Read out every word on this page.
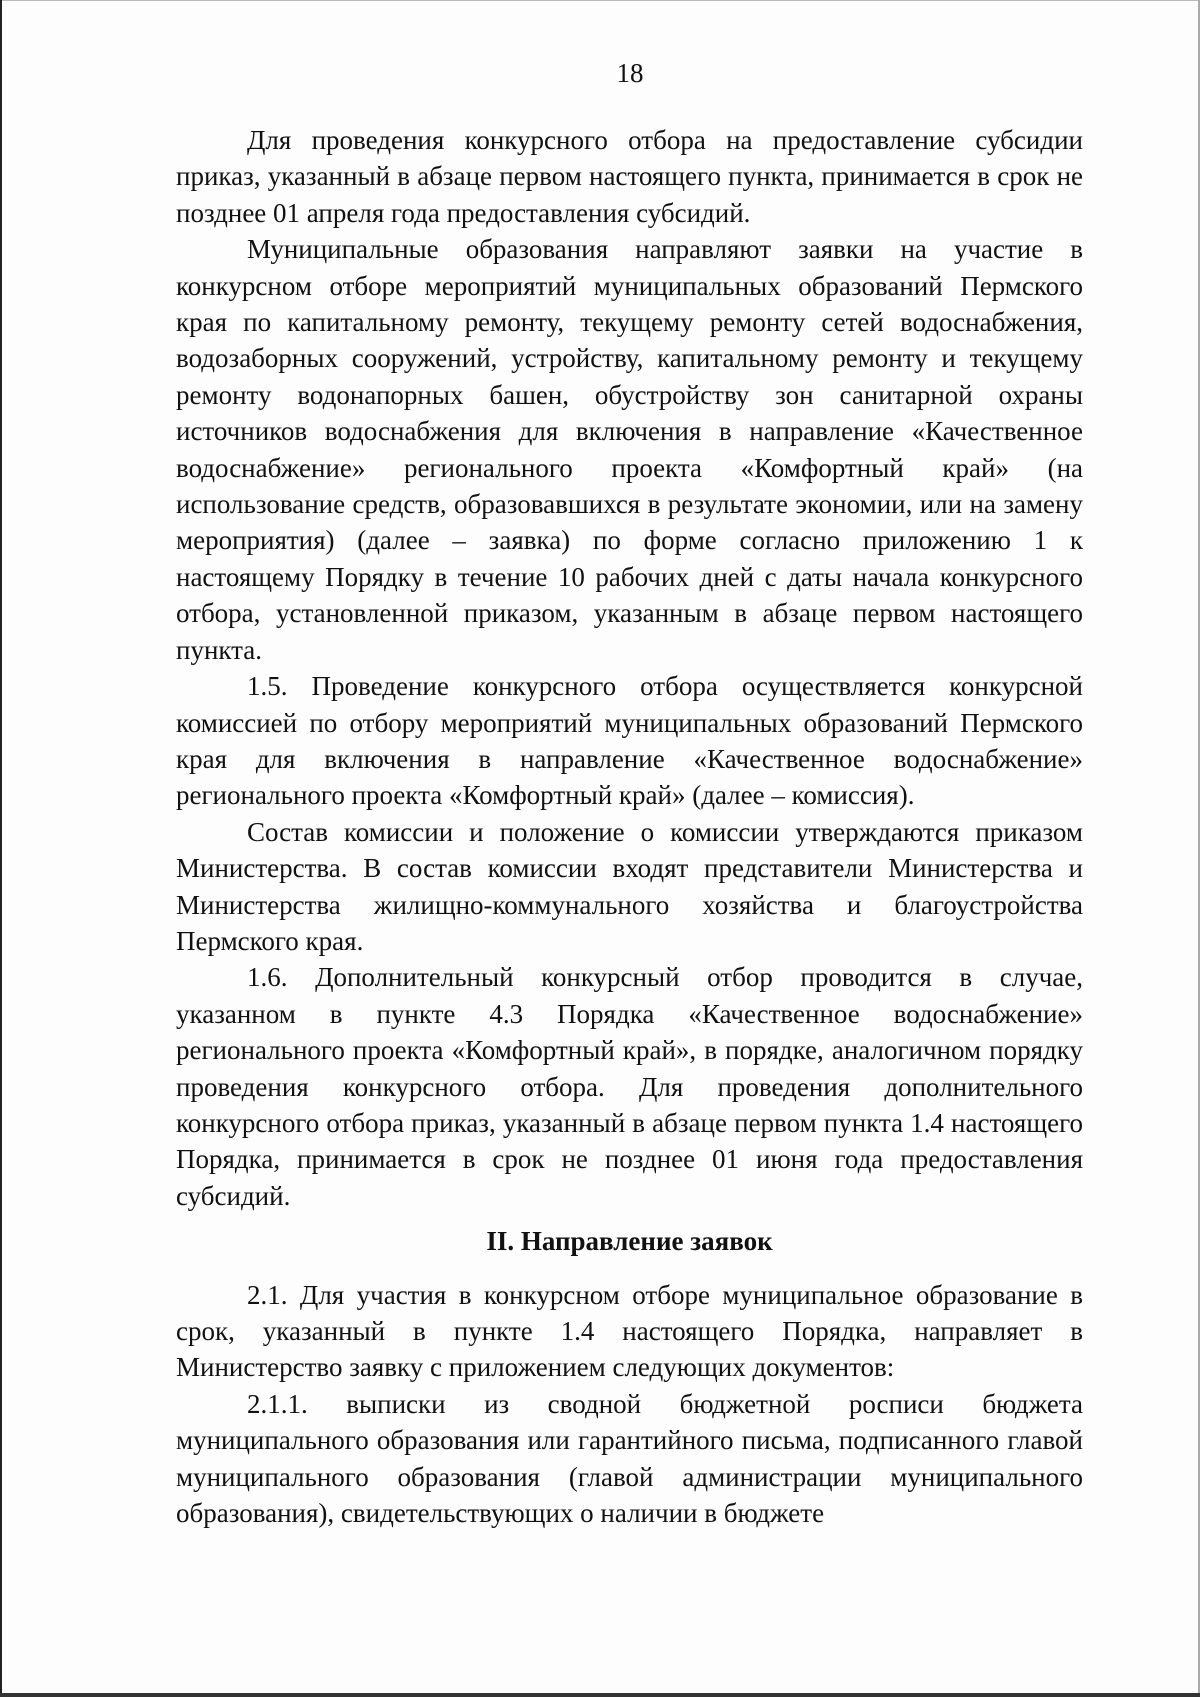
18

Для проведения конкурсного отбора на предоставление субсидии приказ, указанный в абзаце первом настоящего пункта, принимается в срок не позднее 01 апреля года предоставления субсидий.

Муниципальные образования направляют заявки на участие в конкурсном отборе мероприятий муниципальных образований Пермского края по капитальному ремонту, текущему ремонту сетей водоснабжения, водозаборных сооружений, устройству, капитальному ремонту и текущему ремонту водонапорных башен, обустройству зон санитарной охраны источников водоснабжения для включения в направление «Качественное водоснабжение» регионального проекта «Комфортный край» (на использование средств, образовавшихся в результате экономии, или на замену мероприятия) (далее – заявка) по форме согласно приложению 1 к настоящему Порядку в течение 10 рабочих дней с даты начала конкурсного отбора, установленной приказом, указанным в абзаце первом настоящего пункта.

1.5. Проведение конкурсного отбора осуществляется конкурсной комиссией по отбору мероприятий муниципальных образований Пермского края для включения в направление «Качественное водоснабжение» регионального проекта «Комфортный край» (далее – комиссия).

Состав комиссии и положение о комиссии утверждаются приказом Министерства. В состав комиссии входят представители Министерства и Министерства жилищно-коммунального хозяйства и благоустройства Пермского края.

1.6. Дополнительный конкурсный отбор проводится в случае, указанном в пункте 4.3 Порядка «Качественное водоснабжение» регионального проекта «Комфортный край», в порядке, аналогичном порядку проведения конкурсного отбора. Для проведения дополнительного конкурсного отбора приказ, указанный в абзаце первом пункта 1.4 настоящего Порядка, принимается в срок не позднее 01 июня года предоставления субсидий.

II. Направление заявок

2.1. Для участия в конкурсном отборе муниципальное образование в срок, указанный в пункте 1.4 настоящего Порядка, направляет в Министерство заявку с приложением следующих документов:

2.1.1. выписки из сводной бюджетной росписи бюджета муниципального образования или гарантийного письма, подписанного главой муниципального образования (главой администрации муниципального образования), свидетельствующих о наличии в бюджете
